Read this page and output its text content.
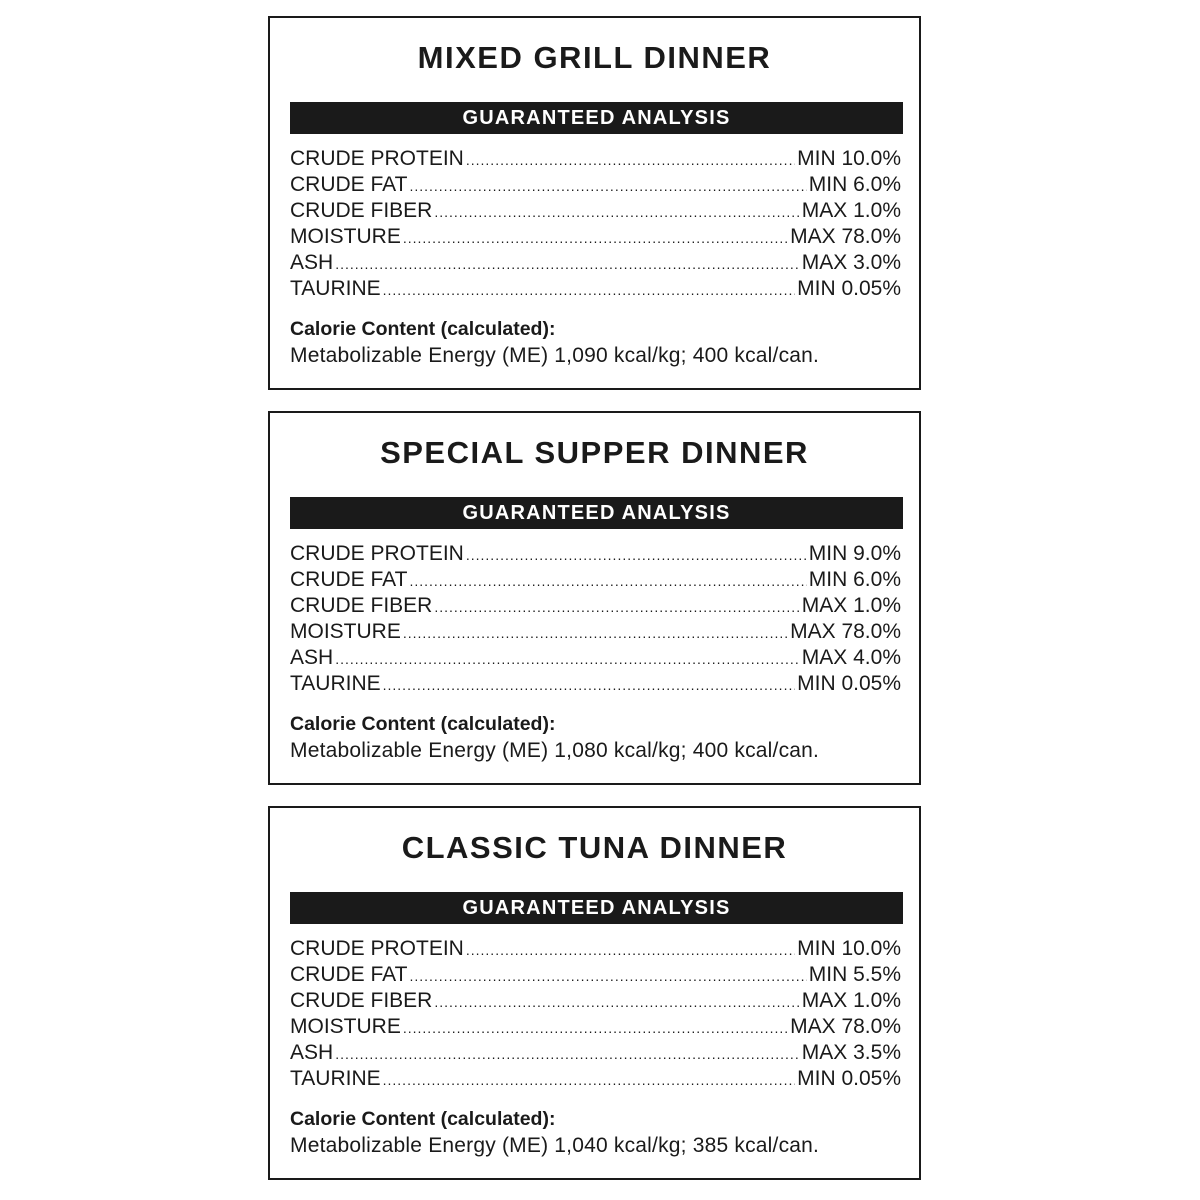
MIXED GRILL DINNER
GUARANTEED ANALYSIS
CRUDE PROTEIN .....	MIN 10.0%
CRUDE FAT .....	MIN 6.0%
CRUDE FIBER .....	MAX 1.0%
MOISTURE .....	MAX 78.0%
ASH .....	MAX 3.0%
TAURINE .....	MIN 0.05%
Calorie Content (calculated):
Metabolizable Energy (ME) 1,090 kcal/kg; 400 kcal/can.
SPECIAL SUPPER DINNER
GUARANTEED ANALYSIS
CRUDE PROTEIN .....	MIN 9.0%
CRUDE FAT .....	MIN 6.0%
CRUDE FIBER .....	MAX 1.0%
MOISTURE .....	MAX 78.0%
ASH .....	MAX 4.0%
TAURINE .....	MIN 0.05%
Calorie Content (calculated):
Metabolizable Energy (ME) 1,080 kcal/kg; 400 kcal/can.
CLASSIC TUNA DINNER
GUARANTEED ANALYSIS
CRUDE PROTEIN .....	MIN 10.0%
CRUDE FAT .....	MIN 5.5%
CRUDE FIBER .....	MAX 1.0%
MOISTURE .....	MAX 78.0%
ASH .....	MAX 3.5%
TAURINE .....	MIN 0.05%
Calorie Content (calculated):
Metabolizable Energy (ME) 1,040 kcal/kg; 385 kcal/can.
